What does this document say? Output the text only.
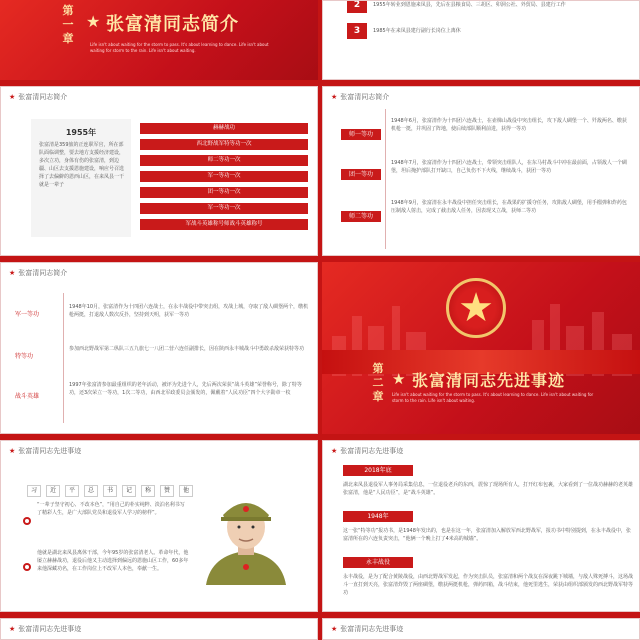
第一章
★ 张富清同志简介
Life isn't about waiting for the storm to pass. It's about learning to dance. Life isn't about waiting for storm to the rain. Life isn't about waiting.
2	1955年转业到恩施来凤县，先后在县粮食局、三胡区、卯洞公社、外贸局、县建行工作
3	1985年在来凤县建行副行长岗位上离休
★ 张富清同志简介
1955年
张富清是359旅的正连职军官，所在部队面临调整，要去地方支援经济建设，多次立功，身体有伤的张富清，到边疆、山区去支援恩施建设，响应号召选择了去偏僻的恩西山区，在来凤县一干就是一辈子
赫赫战功
西北野战军特等功一次
师二等功一次
军一等功一次
团一等功一次
军一等功一次
军战斗英雄称号师战斗英雄称号
★ 张富清同志简介
师一等功
1948年6月，张富清作为十四团六连战士，在壶梯山战役中突击组长，攻下敌人碉堡一个、歼敌两名、缴获机枪一挺，并巩固了阵地，使后续部队顺利前进，获得一等功
团一等功
1948年7月，张富清作为十四团六连战士，带领突击组队人，在东马村战斗中冲在最前面，占领敌人一个碉堡，坦后掩护部队打开缺口，自己负伤不下火线，继续战斗，获团一等功
师二等功
1948年9月，张富清在永丰战役中担任突击组长，在战果的扩援夺任务，攻陷敌人碉堡，用手榴弹和炸药包压制敌人射击，完成了截击敌人任务，因表现又立战，获师二等功
★ 张富清同志简介
军一等功
1948年10月，张富清作为十四团六连战士，在永丰战役中带突击组，攻战上城，夺取了敌人碉堡两个，缴机枪两挺，打退敌人数次反扑，坚持到天明，获军一等功
特等功
参加西北野战军第二纵队三五九旅七一八团二营六连任副排长，因在陕西永丰城战斗中勇敢杀敌荣获特等功
战斗英雄
1997年张富清参加最重组织的老年活动，被评为先进个人，先后两次荣获“战斗英雄”荣誉称号，除了特等功，还3次荣立一等功，1次二等功，由西北军政委员会颁发的，佩戴着“人民功臣”四个大字勋章一枚
★
第二章
★ 张富清同志先进事迹
Life isn't about waiting for the storm to pass. It's about learning to dance. Life isn't about waiting for storm to the rain. Life isn't about waiting.
★ 张富清同志先进事迹
习 近 平 总 书 记 称 赞 他
“一辈子坚守初心、不改本色”，“用自己的朴实纯粹、淡泊名利书写了精彩人生，是广大部队党员和退役军人学习的榜样”。
他就是湖北来凤县离休干部，今年95岁的张富清老人。革命年代，他屡立赫赫战功，退役后他又主动选择到偏远的恩施山区工作，60多年来他深藏功名，在工作岗位上不改军人本色，奉献一生。
★ 张富清同志先进事迹
2018年底
湖北来凤县退役军人事务局采集信息，一位退役老兵的东西，震惊了现场所有人，打开红布包裹，大家看到了一位战功赫赫的老英雄张富清，他是“人民功臣”，是“战斗英雄”。
1948年
这一张“特等功”报功书，是1948年发出的，也是在这一年，张富清加入解放军西北野战军，报功书中特别提到，在永丰战役中，张富清所在的六连负责突击，“他俩一个晚上打了4米高的城墙”。
永丰战役
永丰战役，是为了配合黄陵战役，由西北野战军发起，作为突击队员，张富清和两个战友在深夜跳下城墙，与敌人殊死搏斗，这场战斗一直打到天亮，张富清炸毁了两座碉堡，缴获两挺机枪，弹药四箱，战斗结束，他死里逃生，荣获由组织部颁发的西北野战军特等功
★ 张富清同志先进事迹	★ 张富清同志先进事迹
